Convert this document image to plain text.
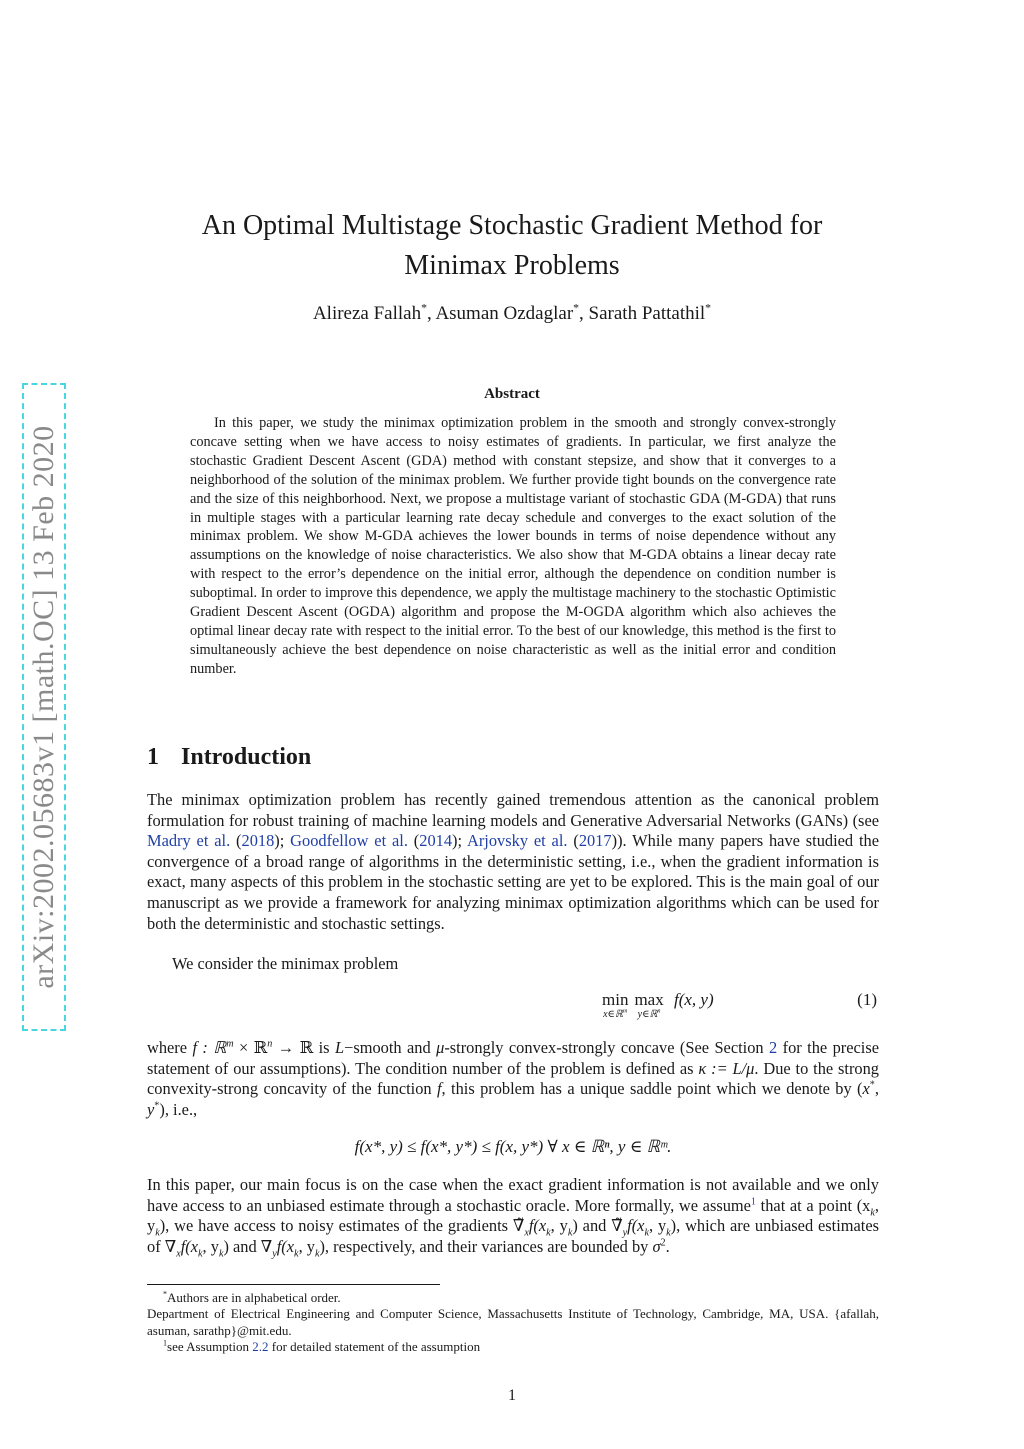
arXiv:2002.05683v1 [math.OC] 13 Feb 2020
An Optimal Multistage Stochastic Gradient Method for
Minimax Problems
Alireza Fallah*, Asuman Ozdaglar*, Sarath Pattathil*
Abstract

In this paper, we study the minimax optimization problem in the smooth and strongly convex-strongly concave setting when we have access to noisy estimates of gradients. In particular, we first analyze the stochastic Gradient Descent Ascent (GDA) method with constant stepsize, and show that it converges to a neighborhood of the solution of the minimax problem. We further provide tight bounds on the convergence rate and the size of this neighborhood. Next, we propose a multistage variant of stochastic GDA (M-GDA) that runs in multiple stages with a particular learning rate decay schedule and converges to the exact solution of the minimax problem. We show M-GDA achieves the lower bounds in terms of noise dependence without any assumptions on the knowledge of noise characteristics. We also show that M-GDA obtains a linear decay rate with respect to the error’s dependence on the initial error, although the dependence on condition number is suboptimal. In order to improve this dependence, we apply the multistage machinery to the stochastic Optimistic Gradient Descent Ascent (OGDA) algorithm and propose the M-OGDA algorithm which also achieves the optimal linear decay rate with respect to the initial error. To the best of our knowledge, this method is the first to simultaneously achieve the best dependence on noise characteristic as well as the initial error and condition number.

1 Introduction

The minimax optimization problem has recently gained tremendous attention as the canonical problem formulation for robust training of machine learning models and Generative Adversarial Networks (GANs) (see Madry et al. (2018); Goodfellow et al. (2014); Arjovsky et al. (2017)). While many papers have studied the convergence of a broad range of algorithms in the deterministic setting, i.e., when the gradient information is exact, many aspects of this problem in the stochastic setting are yet to be explored. This is the main goal of our manuscript as we provide a framework for analyzing minimax optimization algorithms which can be used for both the deterministic and stochastic settings.

We consider the minimax problem

min
x∈ℝ$^m$
max
y∈ℝ$^n$
f(x, y)	(1)

where f : ℝ$^m$ × ℝ$^n$ → ℝ is L−smooth and μ-strongly convex-strongly concave (See Section 2 for the precise statement of our assumptions). The condition number of the problem is defined as κ := L/μ. Due to the strong convexity-strong concavity of the function f, this problem has a unique saddle point which we denote by (x*, y*), i.e.,

f(x*, y) ≤ f(x*, y*) ≤ f(x, y*) ∀ x ∈ ℝⁿ, y ∈ ℝᵐ.

In this paper, our main focus is on the case when the exact gradient information is not available and we only have access to an unbiased estimate through a stochastic oracle. More formally, we assume$^1$ that at a point ($x_k$, $y_k$), we have access to noisy estimates of the gradients $\nablã_xf(x_k$, $y_k$) and $\nablã_yf(x_k$, $y_k$), which are unbiased estimates of $\nabla_xf(x_k$, $y_k$) and $\nabla_yf(x_k$, $y_k$), respectively, and their variances are bounded by $\sigma^2$.

*Authors are in alphabetical order.

Department of Electrical Engineering and Computer Science, Massachusetts Institute of Technology, Cambridge, MA, USA. {afallah, asuman, sarathp}@mit.edu.

$^1$see Assumption 2.2 for detailed statement of the assumption

1
